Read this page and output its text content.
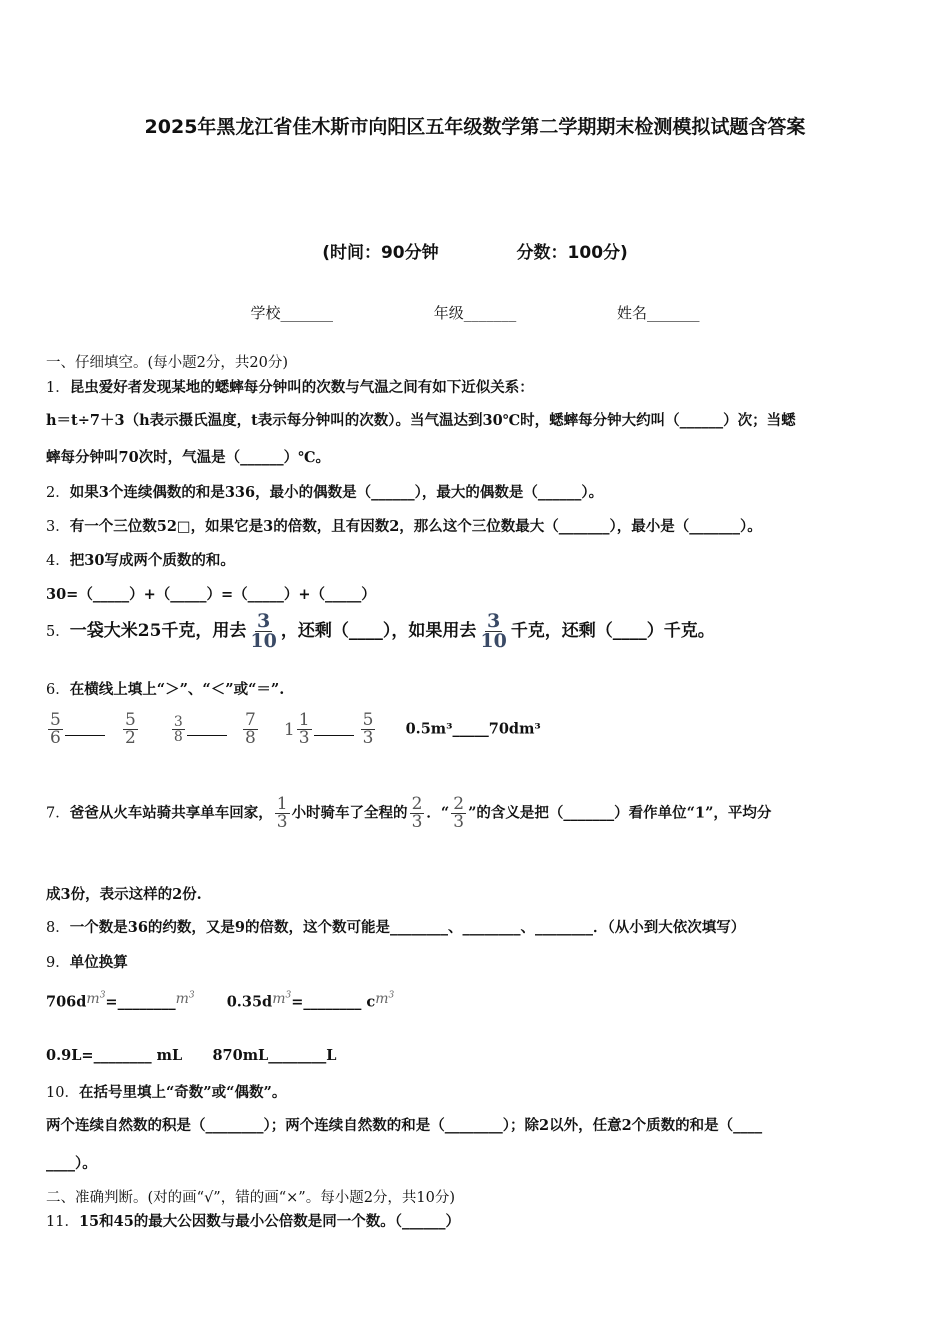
2025年黑龙江省佳木斯市向阳区五年级数学第二学期期末检测模拟试题含答案
(时间：90分钟	分数：100分)
学校_______	年级_______	姓名_______
一、仔细填空。(每小题2分，共20分)
1．昆虫爱好者发现某地的蟋蟀每分钟叫的次数与气温之间有如下近似关系：
h＝t÷7＋3（h表示摄氏温度，t表示每分钟叫的次数）。当气温达到30℃时，蟋蟀每分钟大约叫（______）次；当蟋
蟀每分钟叫70次时，气温是（______）℃。
2．如果3个连续偶数的和是336，最小的偶数是（______），最大的偶数是（______）。
3．有一个三位数52□，如果它是3的倍数，且有因数2，那么这个三位数最大（_______），最小是（_______）。
4．把30写成两个质数的和。
30=（_____）+（_____）=（_____）+（_____）
5．一袋大米25千克，用去 $\frac{3}{10}$ ，还剩（____），如果用去 $\frac{3}{10}$ 千克，还剩（____）千克。
6．在横线上填上“＞”、“＜”或“＝”.
$\frac{5}{6}$
	$\frac{5}{2}$
$\frac{3}{8}$
	$\frac{7}{8}$
$1 \frac{1}{3}$
	$\frac{5}{3}$ 0.5m³_____70dm³
7．爸爸从火车站骑共享单车回家， $\frac{1}{3}$ 小时骑车了全程的 $\frac{2}{3}$ ．“ $\frac{2}{3}$ ”的含义是把（_______）看作单位“1”，平均分
成3份，表示这样的2份.
8．一个数是36的约数，又是9的倍数，这个数可能是________、________、________．（从小到大依次填写）
9．单位换算
$706dm^3=\_\_\_\_\_\_\_\_m^3$ $0.35dm^3=\_\_\_\_\_\_\_\_$ $cm^3$
0.9L=________ mL      870mL________L
10．在括号里填上“奇数”或“偶数”。
两个连续自然数的积是（________）；两个连续自然数的和是（________）；除2以外，任意2个质数的和是（____
____）。
二、准确判断。(对的画“√”，错的画“×”。每小题2分，共10分)
11．15和45的最大公因数与最小公倍数是同一个数。（______）
